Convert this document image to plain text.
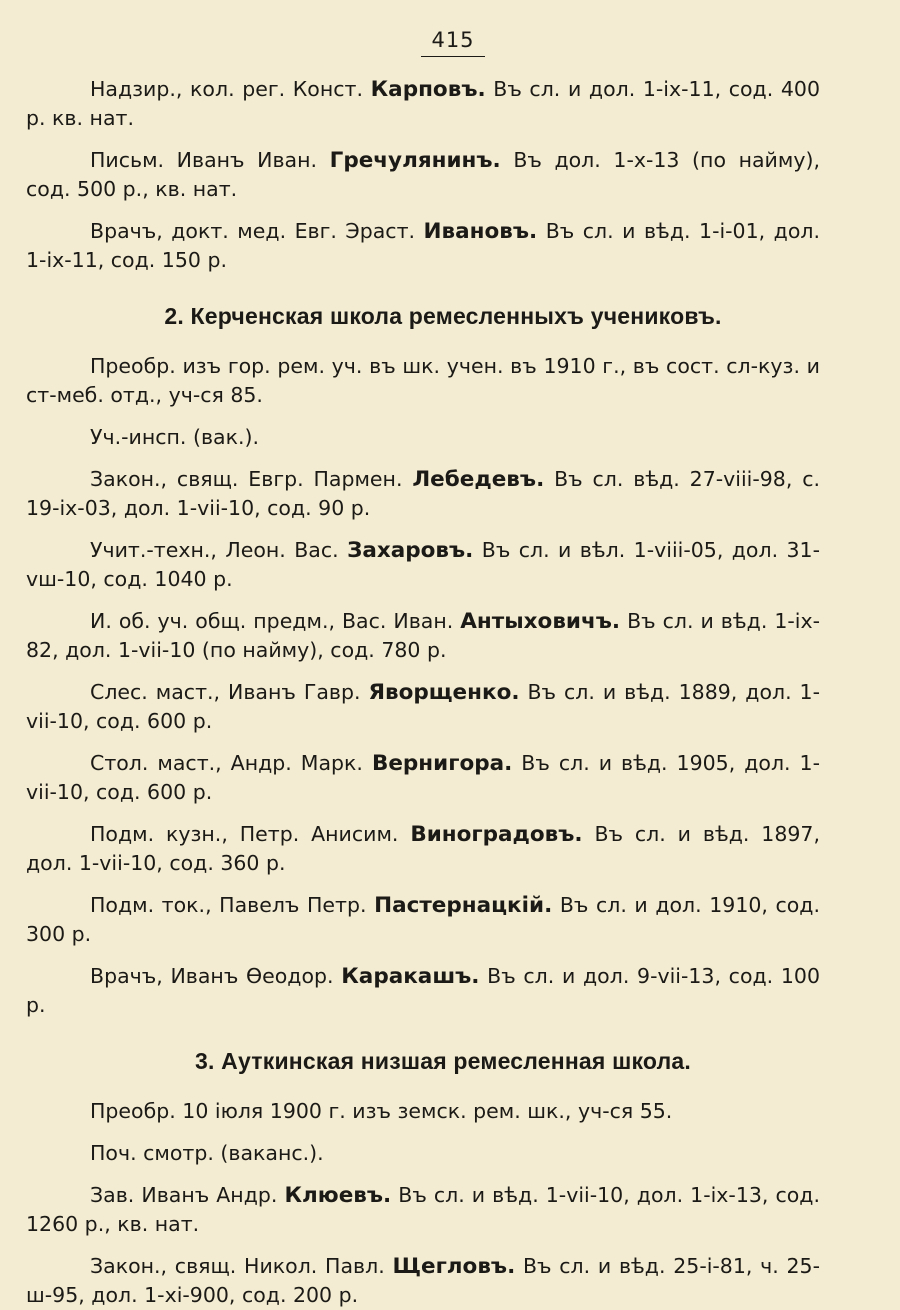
415

Надзир., кол. рег. Конст. Карповъ. Въ сл. и дол. 1-ix-11, сод. 400 р. кв. нат.

Письм. Иванъ Иван. Гречулянинъ. Въ дол. 1-x-13 (по найму), сод. 500 р., кв. нат.

Врачъ, докт. мед. Евг. Эраст. Ивановъ. Въ сл. и вѣд. 1-i-01, дол. 1-ix-11, сод. 150 р.

2. Керченская школа ремесленныхъ учениковъ.

Преобр. изъ гор. рем. уч. въ шк. учен. въ 1910 г., въ сост. сл-куз. и ст-меб. отд., уч-ся 85.

Уч.-инсп. (вак.).

Закон., свящ. Евгр. Пармен. Лебедевъ. Въ сл. вѣд. 27-viii-98, с. 19-ix-03, дол. 1-vii-10, сод. 90 р.

Учит.-техн., Леон. Вас. Захаровъ. Въ сл. и вѣл. 1-viii-05, дол. 31-vш-10, сод. 1040 р.

И. об. уч. общ. предм., Вас. Иван. Антыховичъ. Въ сл. и вѣд. 1-ix-82, дол. 1-vii-10 (по найму), сод. 780 р.

Слес. маст., Иванъ Гавр. Яворщенко. Въ сл. и вѣд. 1889, дол. 1-vii-10, сод. 600 р.

Стол. маст., Андр. Марк. Вернигора. Въ сл. и вѣд. 1905, дол. 1-vii-10, сод. 600 р.

Подм. кузн., Петр. Анисим. Виноградовъ. Въ сл. и вѣд. 1897, дол. 1-vii-10, сод. 360 р.

Подм. ток., Павелъ Петр. Пастернацкій. Въ сл. и дол. 1910, сод. 300 р.

Врачъ, Иванъ Өеодор. Каракашъ. Въ сл. и дол. 9-vii-13, сод. 100 р.

3. Ауткинская низшая ремесленная школа.

Преобр. 10 іюля 1900 г. изъ земск. рем. шк., уч-ся 55.

Поч. смотр. (ваканс.).

Зав. Иванъ Андр. Клюевъ. Въ сл. и вѣд. 1-vii-10, дол. 1-ix-13, сод. 1260 р., кв. нат.

Закон., свящ. Никол. Павл. Щегловъ. Въ сл. и вѣд. 25-i-81, ч. 25-ш-95, дол. 1-xi-900, сод. 200 р.
